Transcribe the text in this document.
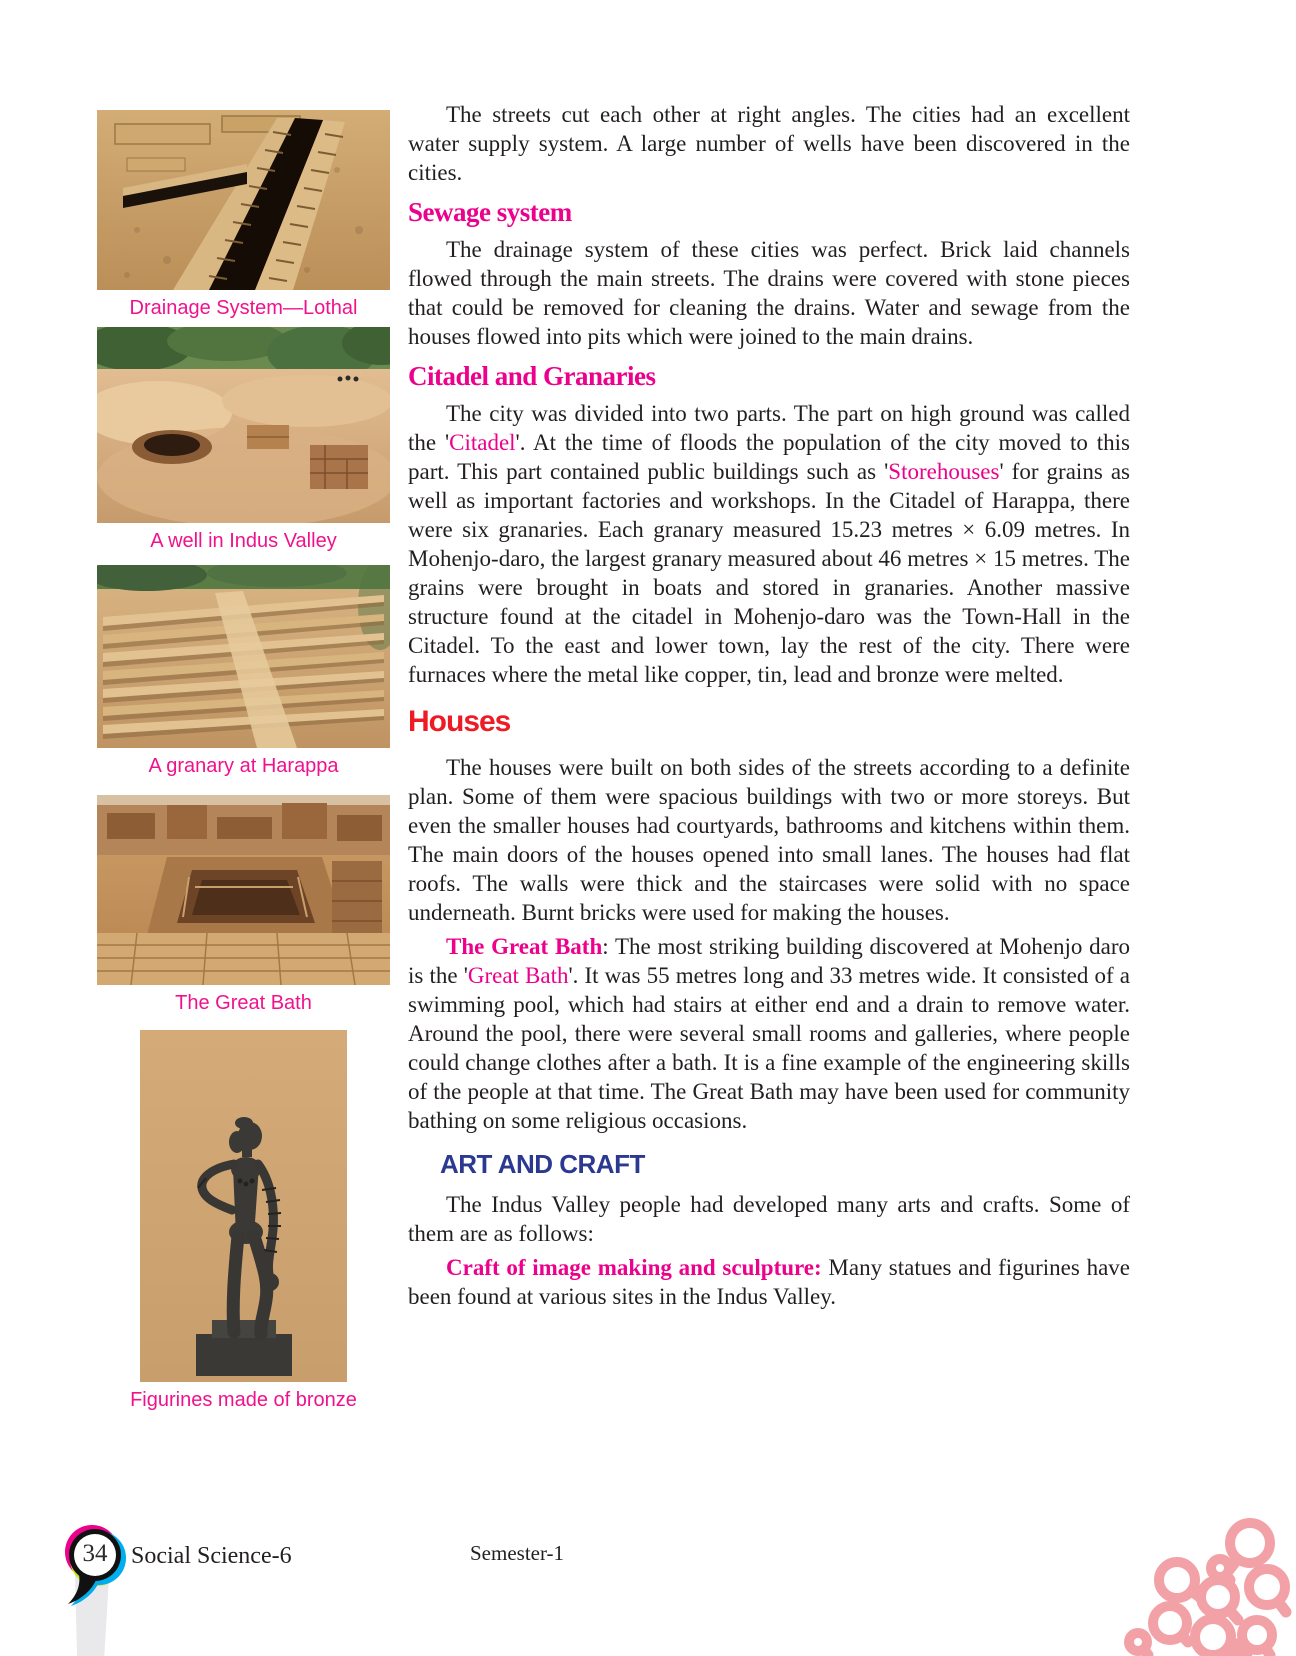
Drainage System—Lothal
A well in Indus Valley
A granary at Harappa
The Great Bath
Figurines made of bronze

The streets cut each other at right angles. The cities had an excellent water supply system. A large number of wells have been discovered in the cities.

Sewage system

The drainage system of these cities was perfect. Brick laid channels flowed through the main streets. The drains were covered with stone pieces that could be removed for cleaning the drains. Water and sewage from the houses flowed into pits which were joined to the main drains.

Citadel and Granaries

The city was divided into two parts. The part on high ground was called the 'Citadel'. At the time of floods the population of the city moved to this part. This part contained public buildings such as 'Storehouses' for grains as well as important factories and workshops. In the Citadel of Harappa, there were six granaries. Each granary measured 15.23 metres × 6.09 metres. In Mohenjo-daro, the largest granary measured about 46 metres × 15 metres. The grains were brought in boats and stored in granaries. Another massive structure found at the citadel in Mohenjo-daro was the Town-Hall in the Citadel. To the east and lower town, lay the rest of the city. There were furnaces where the metal like copper, tin, lead and bronze were melted.

Houses

The houses were built on both sides of the streets according to a definite plan. Some of them were spacious buildings with two or more storeys. But even the smaller houses had courtyards, bathrooms and kitchens within them. The main doors of the houses opened into small lanes. The houses had flat roofs. The walls were thick and the staircases were solid with no space underneath. Burnt bricks were used for making the houses.

The Great Bath: The most striking building discovered at Mohenjo daro is the 'Great Bath'. It was 55 metres long and 33 metres wide. It consisted of a swimming pool, which had stairs at either end and a drain to remove water. Around the pool, there were several small rooms and galleries, where people could change clothes after a bath. It is a fine example of the engineering skills of the people at that time. The Great Bath may have been used for community bathing on some religious occasions.

ART AND CRAFT

The Indus Valley people had developed many arts and crafts. Some of them are as follows:

Craft of image making and sculpture: Many statues and figurines have been found at various sites in the Indus Valley.

34 Social Science-6	Semester-1
